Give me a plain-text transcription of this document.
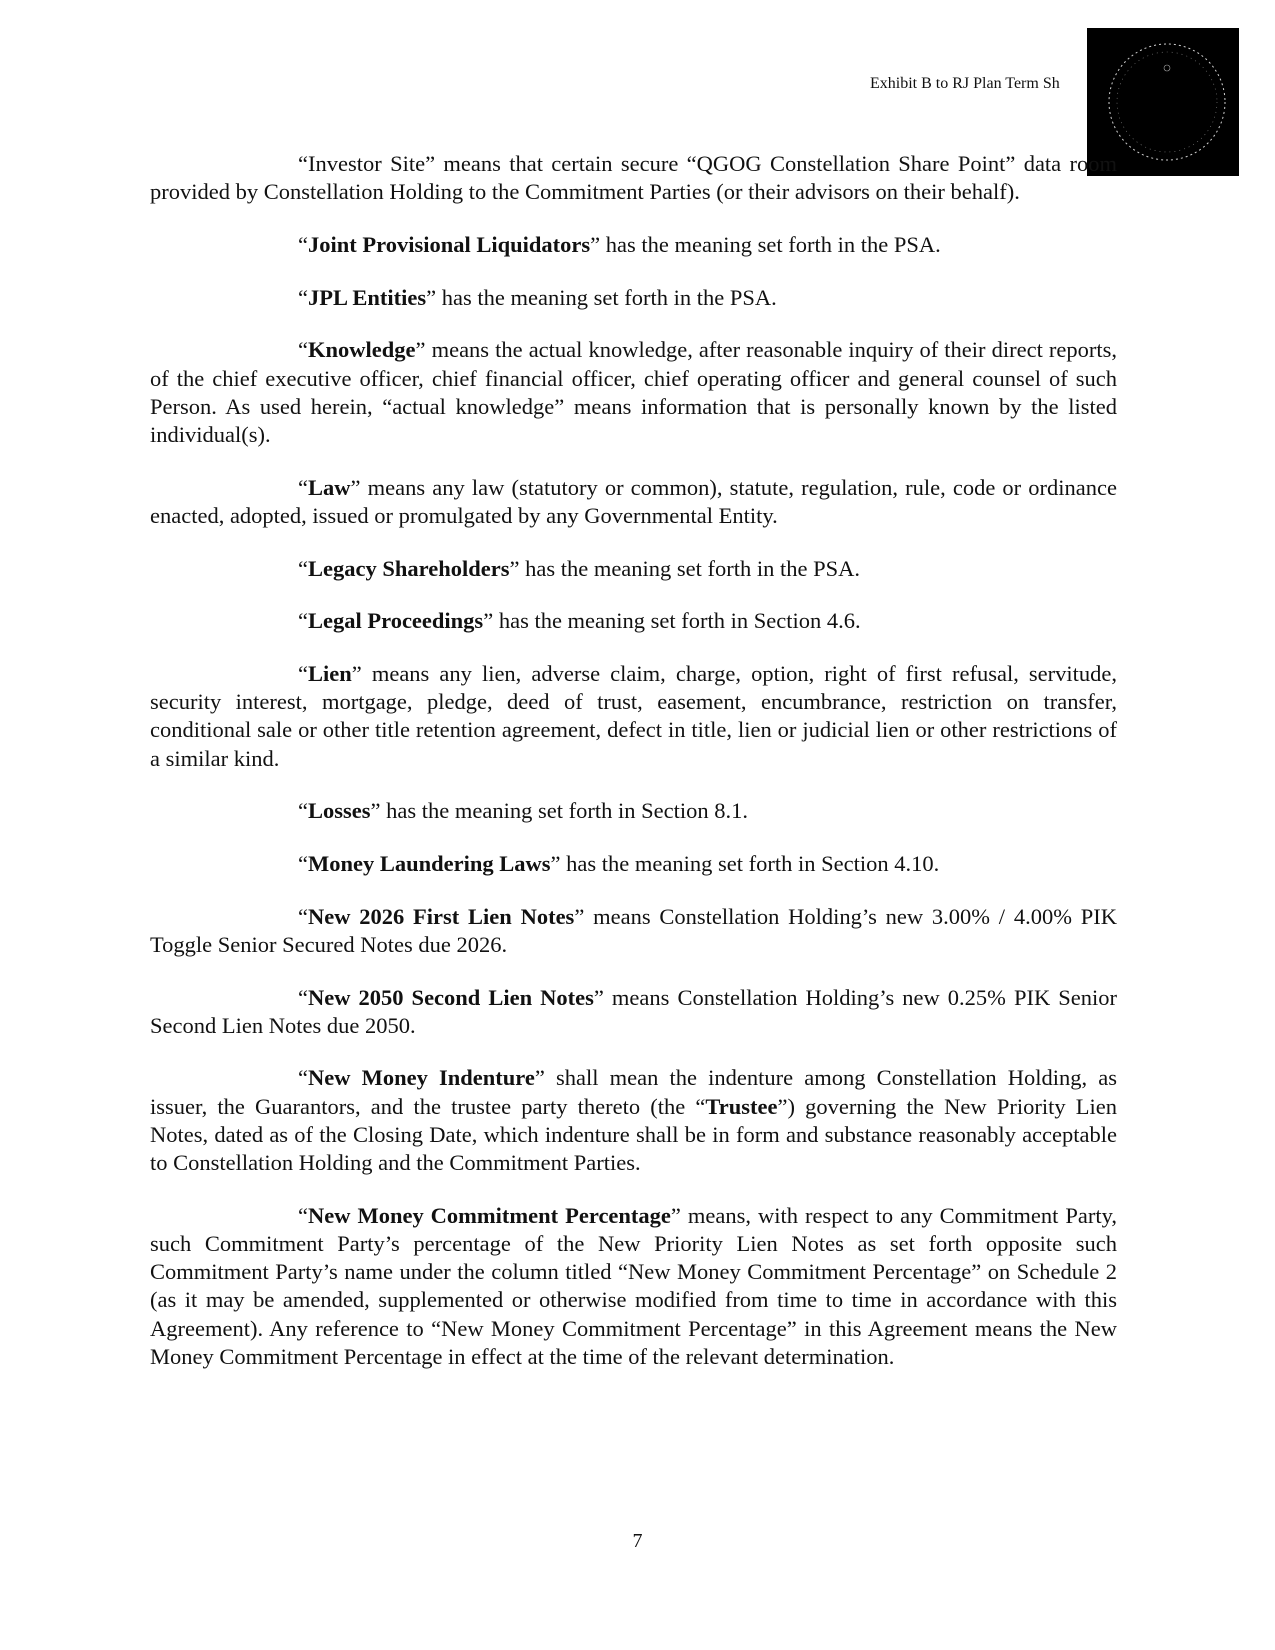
Exhibit B to RJ Plan Term Sh

“Investor Site” means that certain secure “QGOG Constellation Share Point” data room provided by Constellation Holding to the Commitment Parties (or their advisors on their behalf).

“Joint Provisional Liquidators” has the meaning set forth in the PSA.

“JPL Entities” has the meaning set forth in the PSA.

“Knowledge” means the actual knowledge, after reasonable inquiry of their direct reports, of the chief executive officer, chief financial officer, chief operating officer and general counsel of such Person. As used herein, “actual knowledge” means information that is personally known by the listed individual(s).

“Law” means any law (statutory or common), statute, regulation, rule, code or ordinance enacted, adopted, issued or promulgated by any Governmental Entity.

“Legacy Shareholders” has the meaning set forth in the PSA.

“Legal Proceedings” has the meaning set forth in Section 4.6.

“Lien” means any lien, adverse claim, charge, option, right of first refusal, servitude, security interest, mortgage, pledge, deed of trust, easement, encumbrance, restriction on transfer, conditional sale or other title retention agreement, defect in title, lien or judicial lien or other restrictions of a similar kind.

“Losses” has the meaning set forth in Section 8.1.

“Money Laundering Laws” has the meaning set forth in Section 4.10.

“New 2026 First Lien Notes” means Constellation Holding’s new 3.00% / 4.00% PIK Toggle Senior Secured Notes due 2026.

“New 2050 Second Lien Notes” means Constellation Holding’s new 0.25% PIK Senior Second Lien Notes due 2050.

“New Money Indenture” shall mean the indenture among Constellation Holding, as issuer, the Guarantors, and the trustee party thereto (the “Trustee”) governing the New Priority Lien Notes, dated as of the Closing Date, which indenture shall be in form and substance reasonably acceptable to Constellation Holding and the Commitment Parties.

“New Money Commitment Percentage” means, with respect to any Commitment Party, such Commitment Party’s percentage of the New Priority Lien Notes as set forth opposite such Commitment Party’s name under the column titled “New Money Commitment Percentage” on Schedule 2 (as it may be amended, supplemented or otherwise modified from time to time in accordance with this Agreement). Any reference to “New Money Commitment Percentage” in this Agreement means the New Money Commitment Percentage in effect at the time of the relevant determination.

7
